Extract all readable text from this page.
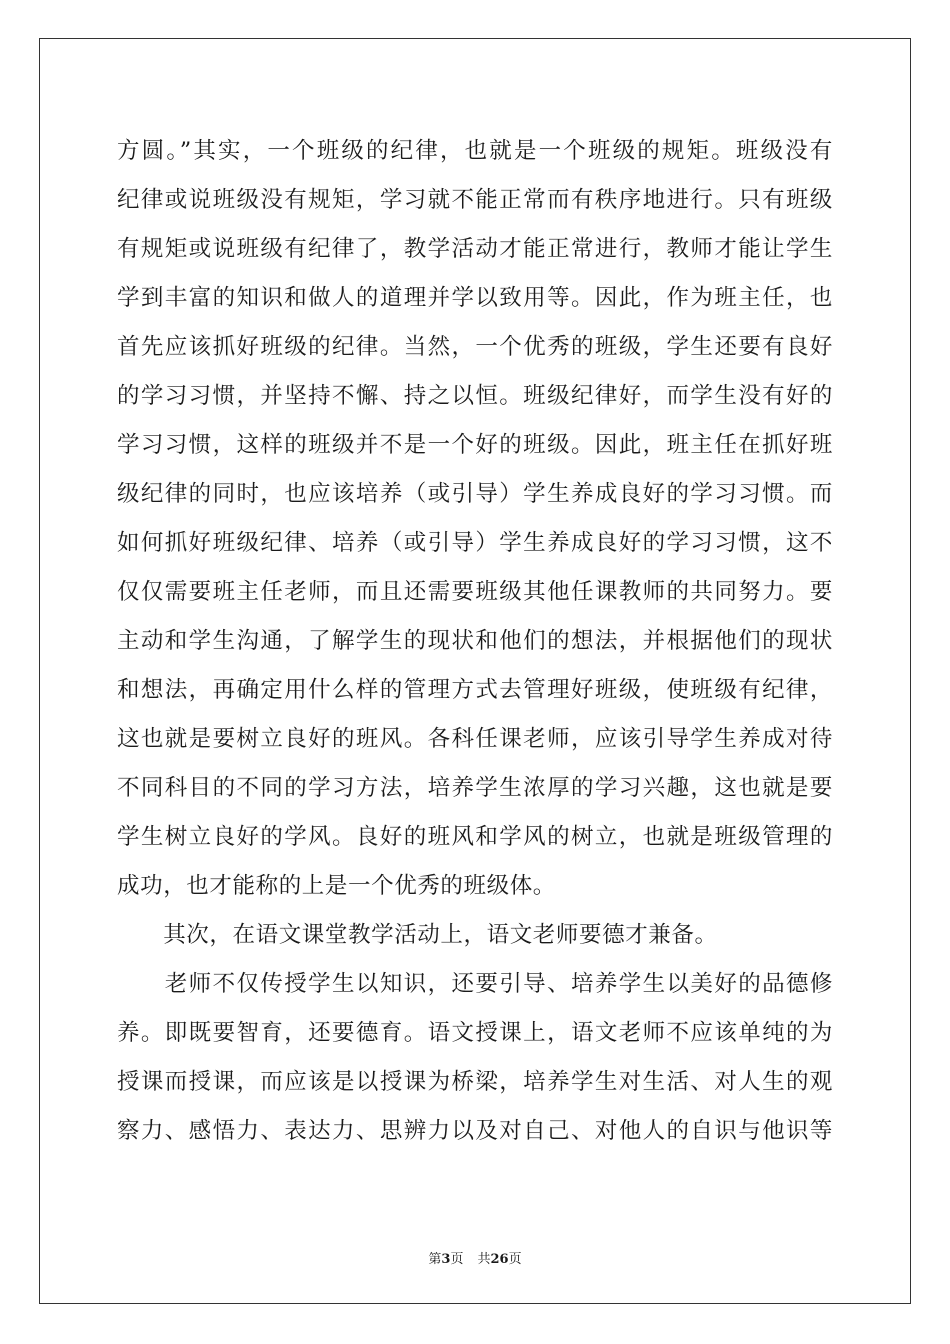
方圆。”其实，一个班级的纪律，也就是一个班级的规矩。班级没有
纪律或说班级没有规矩，学习就不能正常而有秩序地进行。只有班级
有规矩或说班级有纪律了，教学活动才能正常进行，教师才能让学生
学到丰富的知识和做人的道理并学以致用等。因此，作为班主任，也
首先应该抓好班级的纪律。当然，一个优秀的班级，学生还要有良好
的学习习惯，并坚持不懈、持之以恒。班级纪律好，而学生没有好的
学习习惯，这样的班级并不是一个好的班级。因此，班主任在抓好班
级纪律的同时，也应该培养（或引导）学生养成良好的学习习惯。而
如何抓好班级纪律、培养（或引导）学生养成良好的学习习惯，这不
仅仅需要班主任老师，而且还需要班级其他任课教师的共同努力。要
主动和学生沟通，了解学生的现状和他们的想法，并根据他们的现状
和想法，再确定用什么样的管理方式去管理好班级，使班级有纪律，
这也就是要树立良好的班风。各科任课老师，应该引导学生养成对待
不同科目的不同的学习方法，培养学生浓厚的学习兴趣，这也就是要
学生树立良好的学风。良好的班风和学风的树立，也就是班级管理的
成功，也才能称的上是一个优秀的班级体。
　　其次，在语文课堂教学活动上，语文老师要德才兼备。
　　老师不仅传授学生以知识，还要引导、培养学生以美好的品德修
养。即既要智育，还要德育。语文授课上，语文老师不应该单纯的为
授课而授课，而应该是以授课为桥梁，培养学生对生活、对人生的观
察力、感悟力、表达力、思辨力以及对自己、对他人的自识与他识等
第3页 共26页
